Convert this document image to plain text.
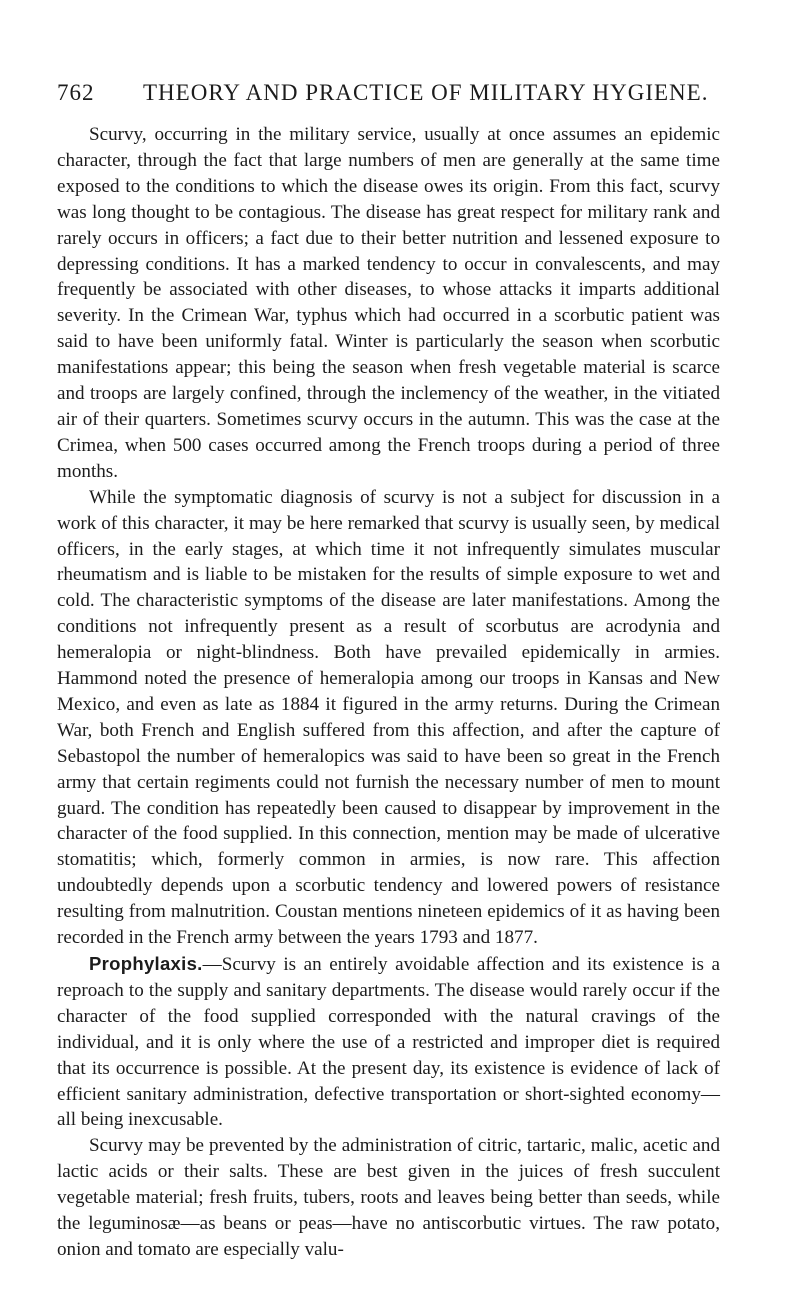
762 THEORY AND PRACTICE OF MILITARY HYGIENE.

Scurvy, occurring in the military service, usually at once assumes an epidemic character, through the fact that large numbers of men are generally at the same time exposed to the conditions to which the disease owes its origin. From this fact, scurvy was long thought to be contagious. The disease has great respect for military rank and rarely occurs in officers; a fact due to their better nutrition and lessened exposure to depressing conditions. It has a marked tendency to occur in convalescents, and may frequently be associated with other diseases, to whose attacks it imparts additional severity. In the Crimean War, typhus which had occurred in a scorbutic patient was said to have been uniformly fatal. Winter is particularly the season when scorbutic manifestations appear; this being the season when fresh vegetable material is scarce and troops are largely confined, through the inclemency of the weather, in the vitiated air of their quarters. Sometimes scurvy occurs in the autumn. This was the case at the Crimea, when 500 cases occurred among the French troops during a period of three months.

While the symptomatic diagnosis of scurvy is not a subject for discussion in a work of this character, it may be here remarked that scurvy is usually seen, by medical officers, in the early stages, at which time it not infrequently simulates muscular rheumatism and is liable to be mistaken for the results of simple exposure to wet and cold. The characteristic symptoms of the disease are later manifestations. Among the conditions not infrequently present as a result of scorbutus are acrodynia and hemeralopia or night-blindness. Both have prevailed epidemically in armies. Hammond noted the presence of hemeralopia among our troops in Kansas and New Mexico, and even as late as 1884 it figured in the army returns. During the Crimean War, both French and English suffered from this affection, and after the capture of Sebastopol the number of hemeralopics was said to have been so great in the French army that certain regiments could not furnish the necessary number of men to mount guard. The condition has repeatedly been caused to disappear by improvement in the character of the food supplied. In this connection, mention may be made of ulcerative stomatitis; which, formerly common in armies, is now rare. This affection undoubtedly depends upon a scorbutic tendency and lowered powers of resistance resulting from malnutrition. Coustan mentions nineteen epidemics of it as having been recorded in the French army between the years 1793 and 1877.

Prophylaxis.—Scurvy is an entirely avoidable affection and its existence is a reproach to the supply and sanitary departments. The disease would rarely occur if the character of the food supplied corresponded with the natural cravings of the individual, and it is only where the use of a restricted and improper diet is required that its occurrence is possible. At the present day, its existence is evidence of lack of efficient sanitary administration, defective transportation or short-sighted economy—all being inexcusable.

Scurvy may be prevented by the administration of citric, tartaric, malic, acetic and lactic acids or their salts. These are best given in the juices of fresh succulent vegetable material; fresh fruits, tubers, roots and leaves being better than seeds, while the leguminosæ—as beans or peas—have no antiscorbutic virtues. The raw potato, onion and tomato are especially valu-
